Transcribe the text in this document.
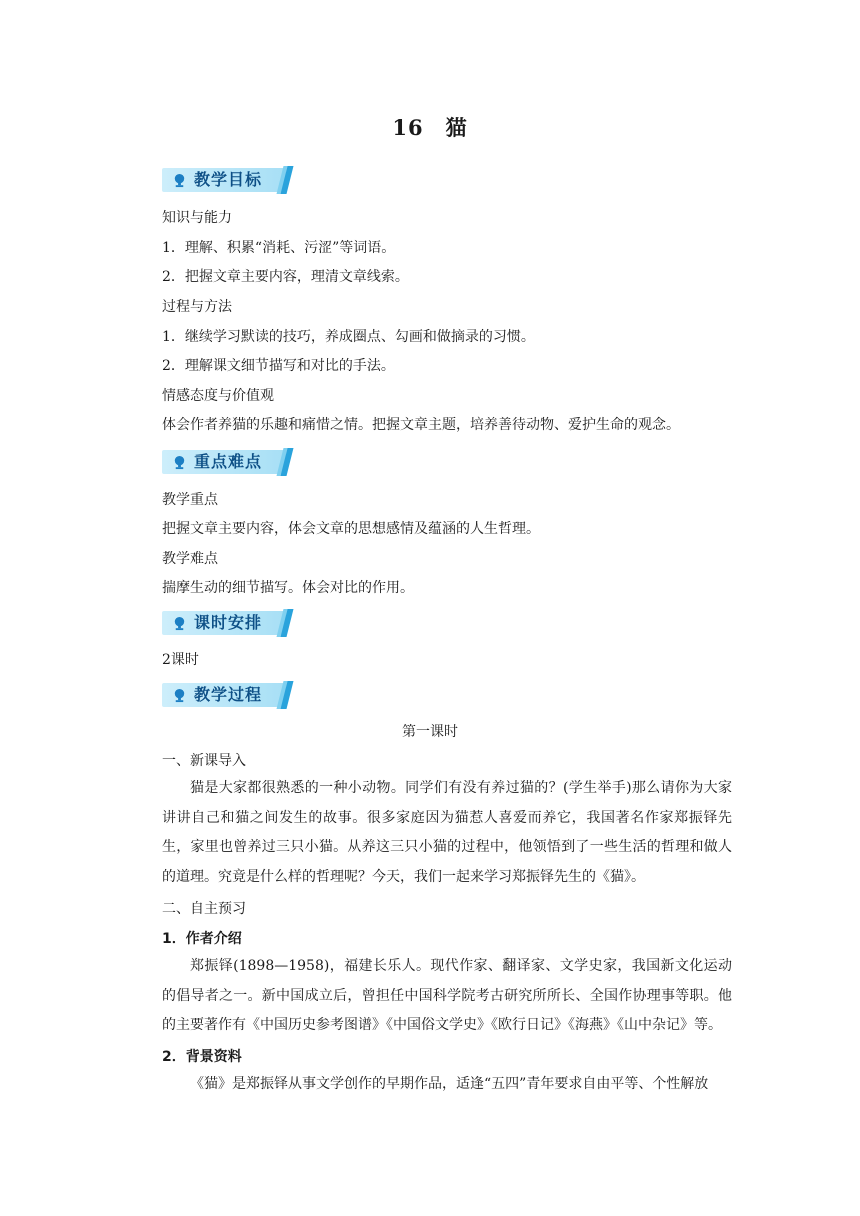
16 猫
教学目标
知识与能力
1．理解、积累“消耗、污涩”等词语。
2．把握文章主要内容，理清文章线索。
过程与方法
1．继续学习默读的技巧，养成圈点、勾画和做摘录的习惯。
2．理解课文细节描写和对比的手法。
情感态度与价值观
体会作者养猫的乐趣和痛惜之情。把握文章主题，培养善待动物、爱护生命的观念。
重点难点
教学重点
把握文章主要内容，体会文章的思想感情及蕴涵的人生哲理。
教学难点
揣摩生动的细节描写。体会对比的作用。
课时安排
2课时
教学过程
第一课时
一、新课导入
猫是大家都很熟悉的一种小动物。同学们有没有养过猫的？(学生举手)那么请你为大家讲讲自己和猫之间发生的故事。很多家庭因为猫惹人喜爱而养它，我国著名作家郑振铎先生，家里也曾养过三只小猫。从养这三只小猫的过程中，他领悟到了一些生活的哲理和做人的道理。究竟是什么样的哲理呢？今天，我们一起来学习郑振铎先生的《猫》。
二、自主预习
1．作者介绍
郑振铎(1898—1958)，福建长乐人。现代作家、翻译家、文学史家，我国新文化运动的倡导者之一。新中国成立后，曾担任中国科学院考古研究所所长、全国作协理事等职。他的主要著作有《中国历史参考图谱》《中国俗文学史》《欧行日记》《海燕》《山中杂记》等。
2．背景资料
《猫》是郑振铎从事文学创作的早期作品，适逢“五四”青年要求自由平等、个性解放
